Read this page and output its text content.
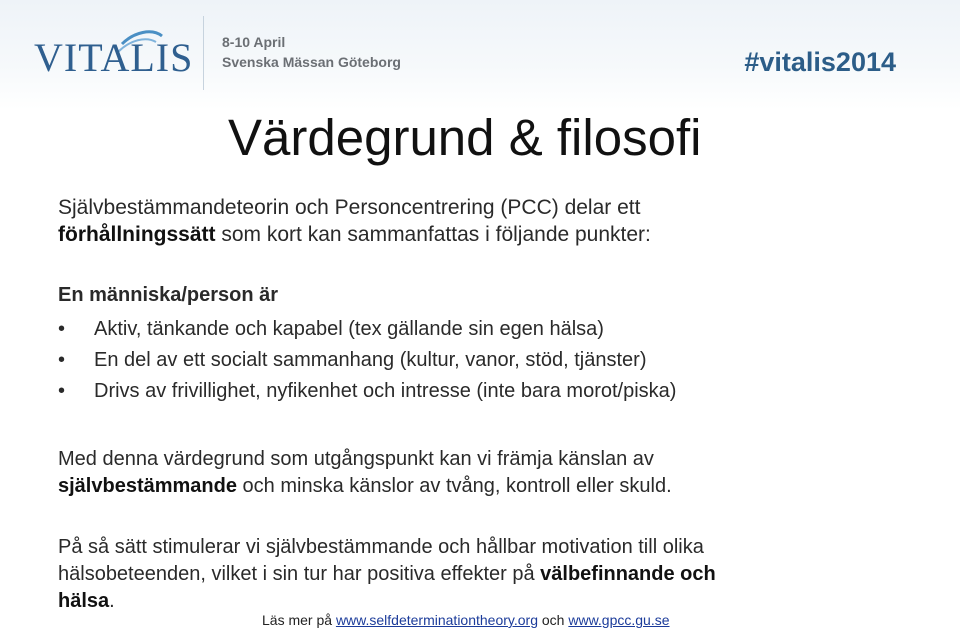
VITALIS 8-10 April
Svenska Mässan Göteborg	#vitalis2014
Värdegrund & filosofi
Självbestämmandeteorin och Personcentrering (PCC) delar ett
förhållningssätt som kort kan sammanfattas i följande punkter:
En människa/person är
• Aktiv, tänkande och kapabel (tex gällande sin egen hälsa)
• En del av ett socialt sammanhang (kultur, vanor, stöd, tjänster)
• Drivs av frivillighet, nyfikenhet och intresse (inte bara morot/piska)
Med denna värdegrund som utgångspunkt kan vi främja känslan av
självbestämmande och minska känslor av tvång, kontroll eller skuld.
På så sätt stimulerar vi självbestämmande och hållbar motivation till olika
hälsobeteenden, vilket i sin tur har positiva effekter på välbefinnande och
hälsa.
Läs mer på www.selfdeterminationtheory.org och www.gpcc.gu.se
